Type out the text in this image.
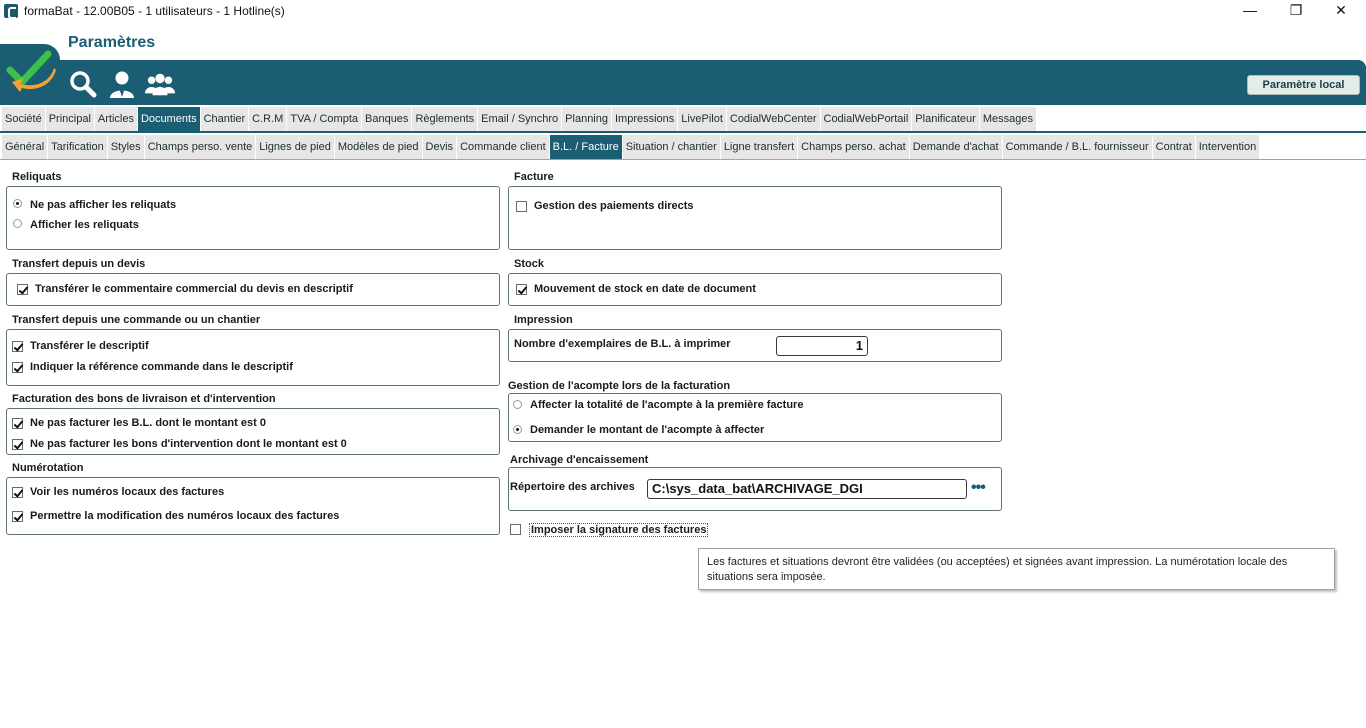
formaBat - 12.00B05 - 1 utilisateurs - 1 Hotline(s)	—	❐	✕
Paramètres
Paramètre local
Société Principal Articles Documents Chantier C.R.M TVA / Compta Banques Règlements Email / Synchro Planning Impressions LivePilot CodialWebCenter CodialWebPortail Planificateur Messages
Général Tarification Styles Champs perso. vente Lignes de pied Modèles de pied Devis Commande client B.L. / Facture Situation / chantier Ligne transfert Champs perso. achat Demande d'achat Commande / B.L. fournisseur Contrat Intervention
Reliquats
Ne pas afficher les reliquats
Afficher les reliquats
Transfert depuis un devis
Transférer le commentaire commercial du devis en descriptif
Transfert depuis une commande ou un chantier
Transférer le descriptif
Indiquer la référence commande dans le descriptif
Facturation des bons de livraison et d'intervention
Ne pas facturer les B.L. dont le montant est 0
Ne pas facturer les bons d'intervention dont le montant est 0
Numérotation
Voir les numéros locaux des factures
Permettre la modification des numéros locaux des factures
Facture
Gestion des paiements directs
Stock
Mouvement de stock en date de document
Impression
Nombre d'exemplaires de B.L. à imprimer	1
Gestion de l'acompte lors de la facturation
Affecter la totalité de l'acompte à la première facture
Demander le montant de l'acompte à affecter
Archivage d'encaissement
Répertoire des archives	C:\sys_data_bat\ARCHIVAGE_DGI	•••
Imposer la signature des factures
Les factures et situations devront être validées (ou acceptées) et signées avant impression. La numérotation locale des situations sera imposée.
